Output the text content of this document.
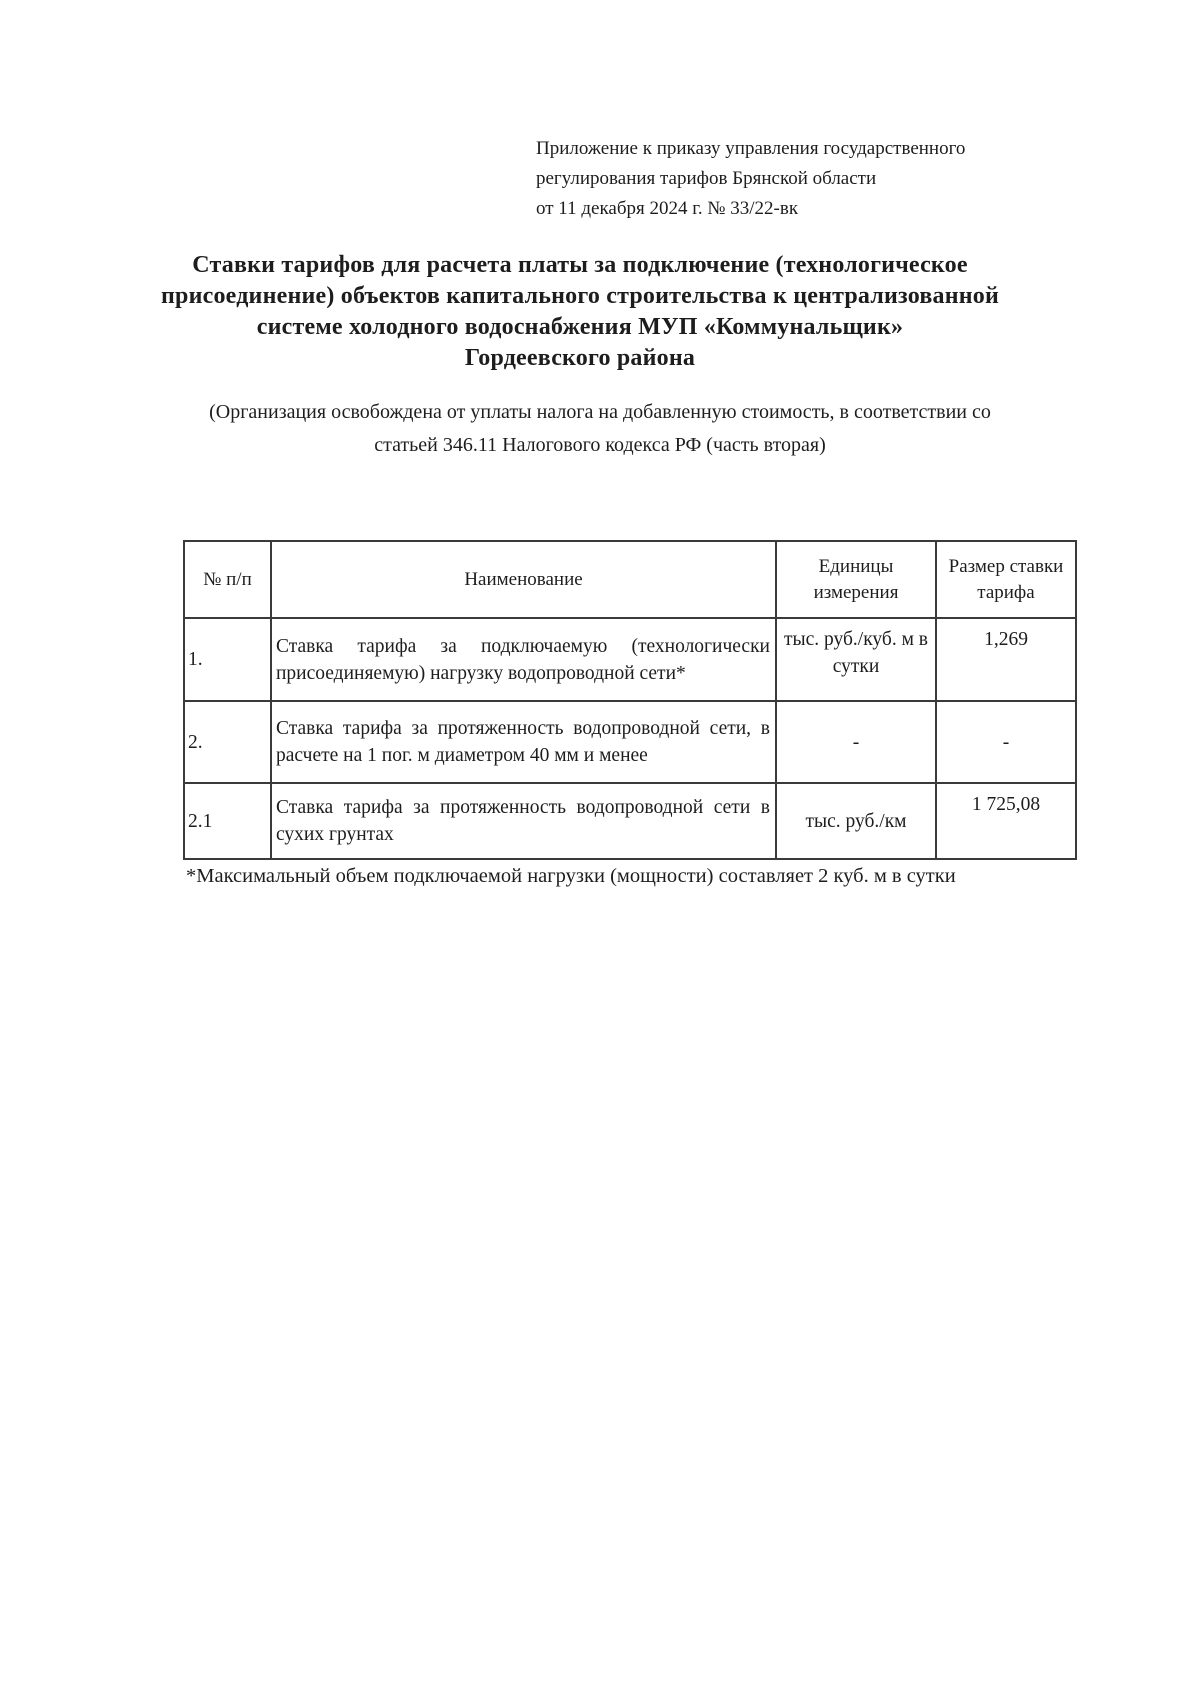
Приложение к приказу управления государственного
регулирования тарифов Брянской области
от 11 декабря 2024 г. № 33/22-вк
Ставки тарифов для расчета платы за подключение (технологическое
присоединение) объектов капитального строительства к централизованной
системе холодного водоснабжения МУП «Коммунальщик»
Гордеевского района
(Организация освобождена от уплаты налога на добавленную стоимость, в соответствии со
статьей 346.11 Налогового кодекса РФ (часть вторая)
№ п/п	Наименование	Единицы измерения	Размер ставки тарифа
1.	Ставка тарифа за подключаемую (технологически присоединяемую) нагрузку водопроводной сети*	тыс. руб./куб. м в сутки	1,269
2.	Ставка тарифа за протяженность водопроводной сети, в расчете на 1 пог. м диаметром 40 мм и менее	-	-
2.1	Ставка тарифа за протяженность водопроводной сети в сухих грунтах	тыс. руб./км	1 725,08
*Максимальный объем подключаемой нагрузки (мощности) составляет 2 куб. м в сутки
